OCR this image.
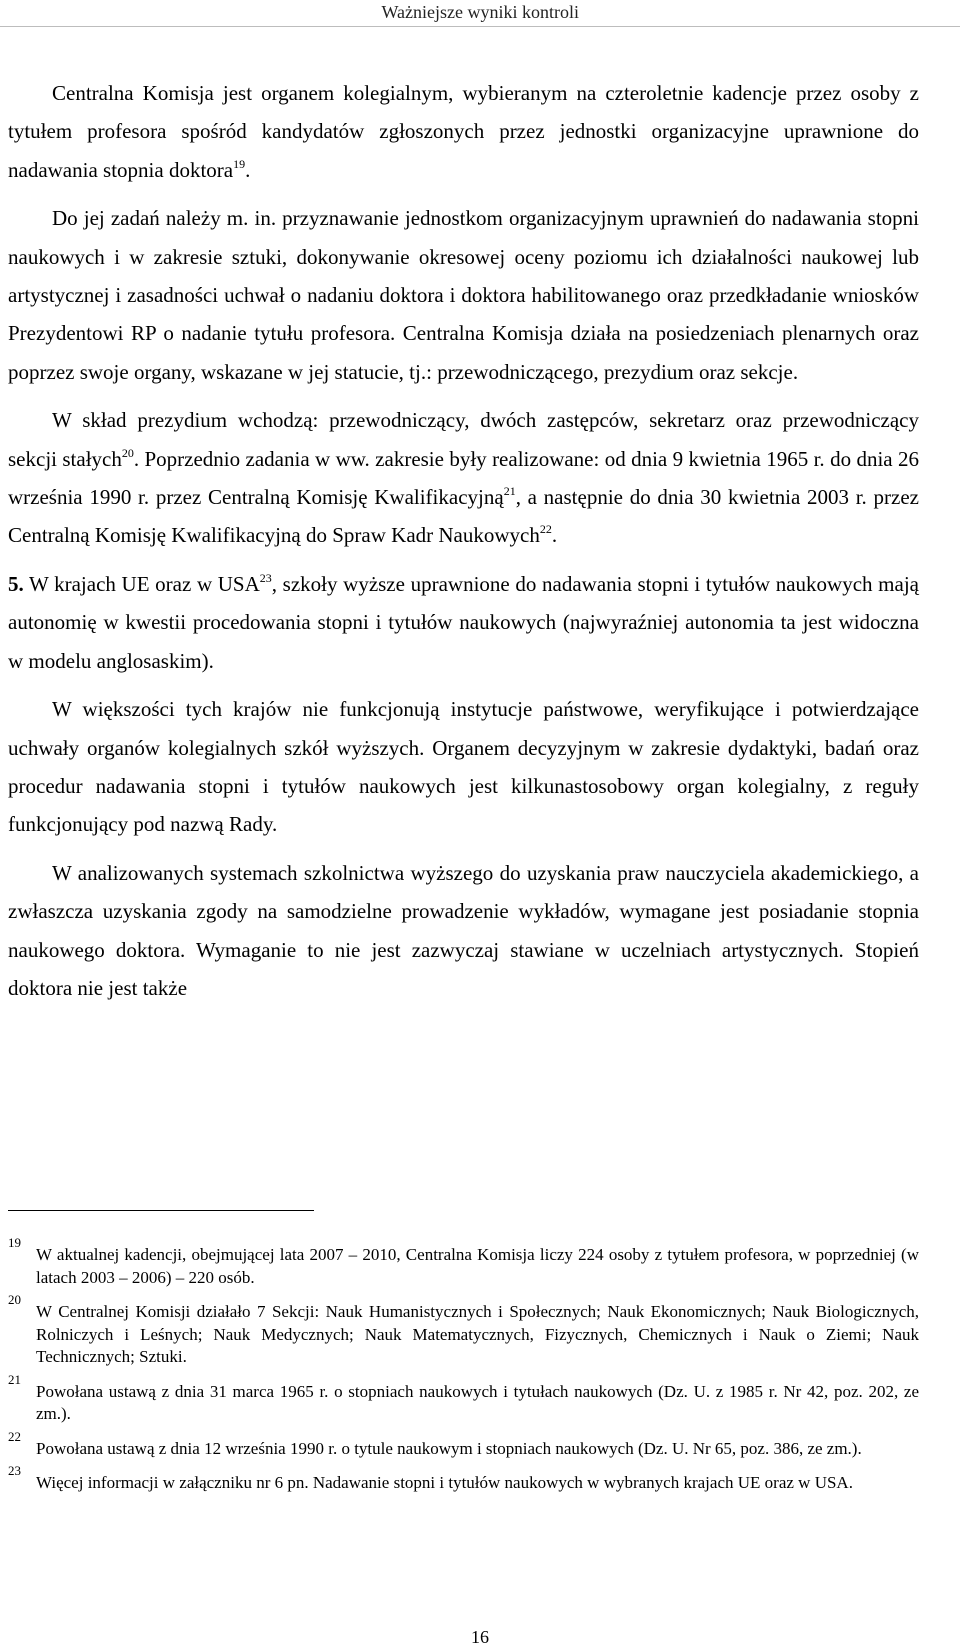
Ważniejsze wyniki kontroli

Centralna Komisja jest organem kolegialnym, wybieranym na czteroletnie kadencje przez osoby z tytułem profesora spośród kandydatów zgłoszonych przez jednostki organizacyjne uprawnione do nadawania stopnia doktora$^{19}$.

Do jej zadań należy m. in. przyznawanie jednostkom organizacyjnym uprawnień do nadawania stopni naukowych i w zakresie sztuki, dokonywanie okresowej oceny poziomu ich działalności naukowej lub artystycznej i zasadności uchwał o nadaniu doktora i doktora habilitowanego oraz przedkładanie wniosków Prezydentowi RP o nadanie tytułu profesora. Centralna Komisja działa na posiedzeniach plenarnych oraz poprzez swoje organy, wskazane w jej statucie, tj.: przewodniczącego, prezydium oraz sekcje.

W skład prezydium wchodzą: przewodniczący, dwóch zastępców, sekretarz oraz przewodniczący sekcji stałych$^{20}$. Poprzednio zadania w ww. zakresie były realizowane: od dnia 9 kwietnia 1965 r. do dnia 26 września 1990 r. przez Centralną Komisję Kwalifikacyjną$^{21}$, a następnie do dnia 30 kwietnia 2003 r. przez Centralną Komisję Kwalifikacyjną do Spraw Kadr Naukowych$^{22}$.

5. W krajach UE oraz w USA$^{23}$, szkoły wyższe uprawnione do nadawania stopni i tytułów naukowych mają autonomię w kwestii procedowania stopni i tytułów naukowych (najwyraźniej autonomia ta jest widoczna w modelu anglosaskim).

W większości tych krajów nie funkcjonują instytucje państwowe, weryfikujące i potwierdzające uchwały organów kolegialnych szkół wyższych. Organem decyzyjnym w zakresie dydaktyki, badań oraz procedur nadawania stopni i tytułów naukowych jest kilkunastosobowy organ kolegialny, z reguły funkcjonujący pod nazwą Rady.

W analizowanych systemach szkolnictwa wyższego do uzyskania praw nauczyciela akademickiego, a zwłaszcza uzyskania zgody na samodzielne prowadzenie wykładów, wymagane jest posiadanie stopnia naukowego doktora. Wymaganie to nie jest zazwyczaj stawiane w uczelniach artystycznych. Stopień doktora nie jest także

19
W aktualnej kadencji, obejmującej lata 2007 – 2010, Centralna Komisja liczy 224 osoby z tytułem profesora, w poprzedniej (w latach 2003 – 2006) – 220 osób.
20
W Centralnej Komisji działało 7 Sekcji: Nauk Humanistycznych i Społecznych; Nauk Ekonomicznych; Nauk Biologicznych, Rolniczych i Leśnych; Nauk Medycznych; Nauk Matematycznych, Fizycznych, Chemicznych i Nauk o Ziemi; Nauk Technicznych; Sztuki.
21
Powołana ustawą z dnia 31 marca 1965 r. o stopniach naukowych i tytułach naukowych (Dz. U. z 1985 r. Nr 42, poz. 202, ze zm.).
22
Powołana ustawą z dnia 12 września 1990 r. o tytule naukowym i stopniach naukowych (Dz. U. Nr 65, poz. 386, ze zm.).
23
Więcej informacji w załączniku nr 6 pn. Nadawanie stopni i tytułów naukowych w wybranych krajach UE oraz w USA.
16
